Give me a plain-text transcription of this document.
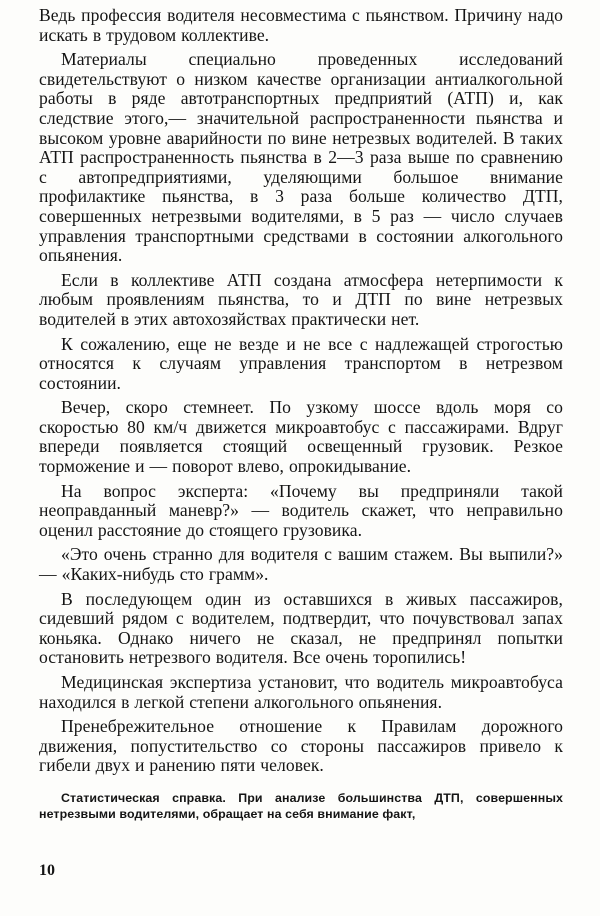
Ведь профессия водителя несовместима с пьянством. Причину надо искать в трудовом коллективе.

Материалы специально проведенных исследований свидетельствуют о низком качестве организации антиалкогольной работы в ряде автотранспортных предприятий (АТП) и, как следствие этого,— значительной распространенности пьянства и высоком уровне аварийности по вине нетрезвых водителей. В таких АТП распространенность пьянства в 2—3 раза выше по сравнению с автопредприятиями, уделяющими большое внимание профилактике пьянства, в 3 раза больше количество ДТП, совершенных нетрезвыми водителями, в 5 раз — число случаев управления транспортными средствами в состоянии алкогольного опьянения.

Если в коллективе АТП создана атмосфера нетерпимости к любым проявлениям пьянства, то и ДТП по вине нетрезвых водителей в этих автохозяйствах практически нет.

К сожалению, еще не везде и не все с надлежащей строгостью относятся к случаям управления транспортом в нетрезвом состоянии.

Вечер, скоро стемнеет. По узкому шоссе вдоль моря со скоростью 80 км/ч движется микроавтобус с пассажирами. Вдруг впереди появляется стоящий освещенный грузовик. Резкое торможение и — поворот влево, опрокидывание.

На вопрос эксперта: «Почему вы предприняли такой неоправданный маневр?» — водитель скажет, что неправильно оценил расстояние до стоящего грузовика.

«Это очень странно для водителя с вашим стажем. Вы выпили?» — «Каких-нибудь сто грамм».

В последующем один из оставшихся в живых пассажиров, сидевший рядом с водителем, подтвердит, что почувствовал запах коньяка. Однако ничего не сказал, не предпринял попытки остановить нетрезвого водителя. Все очень торопились!

Медицинская экспертиза установит, что водитель микроавтобуса находился в легкой степени алкогольного опьянения.

Пренебрежительное отношение к Правилам дорожного движения, попустительство со стороны пассажиров привело к гибели двух и ранению пяти человек.

Статистическая справка. При анализе большинства ДТП, совершенных нетрезвыми водителями, обращает на себя внимание факт,

10
